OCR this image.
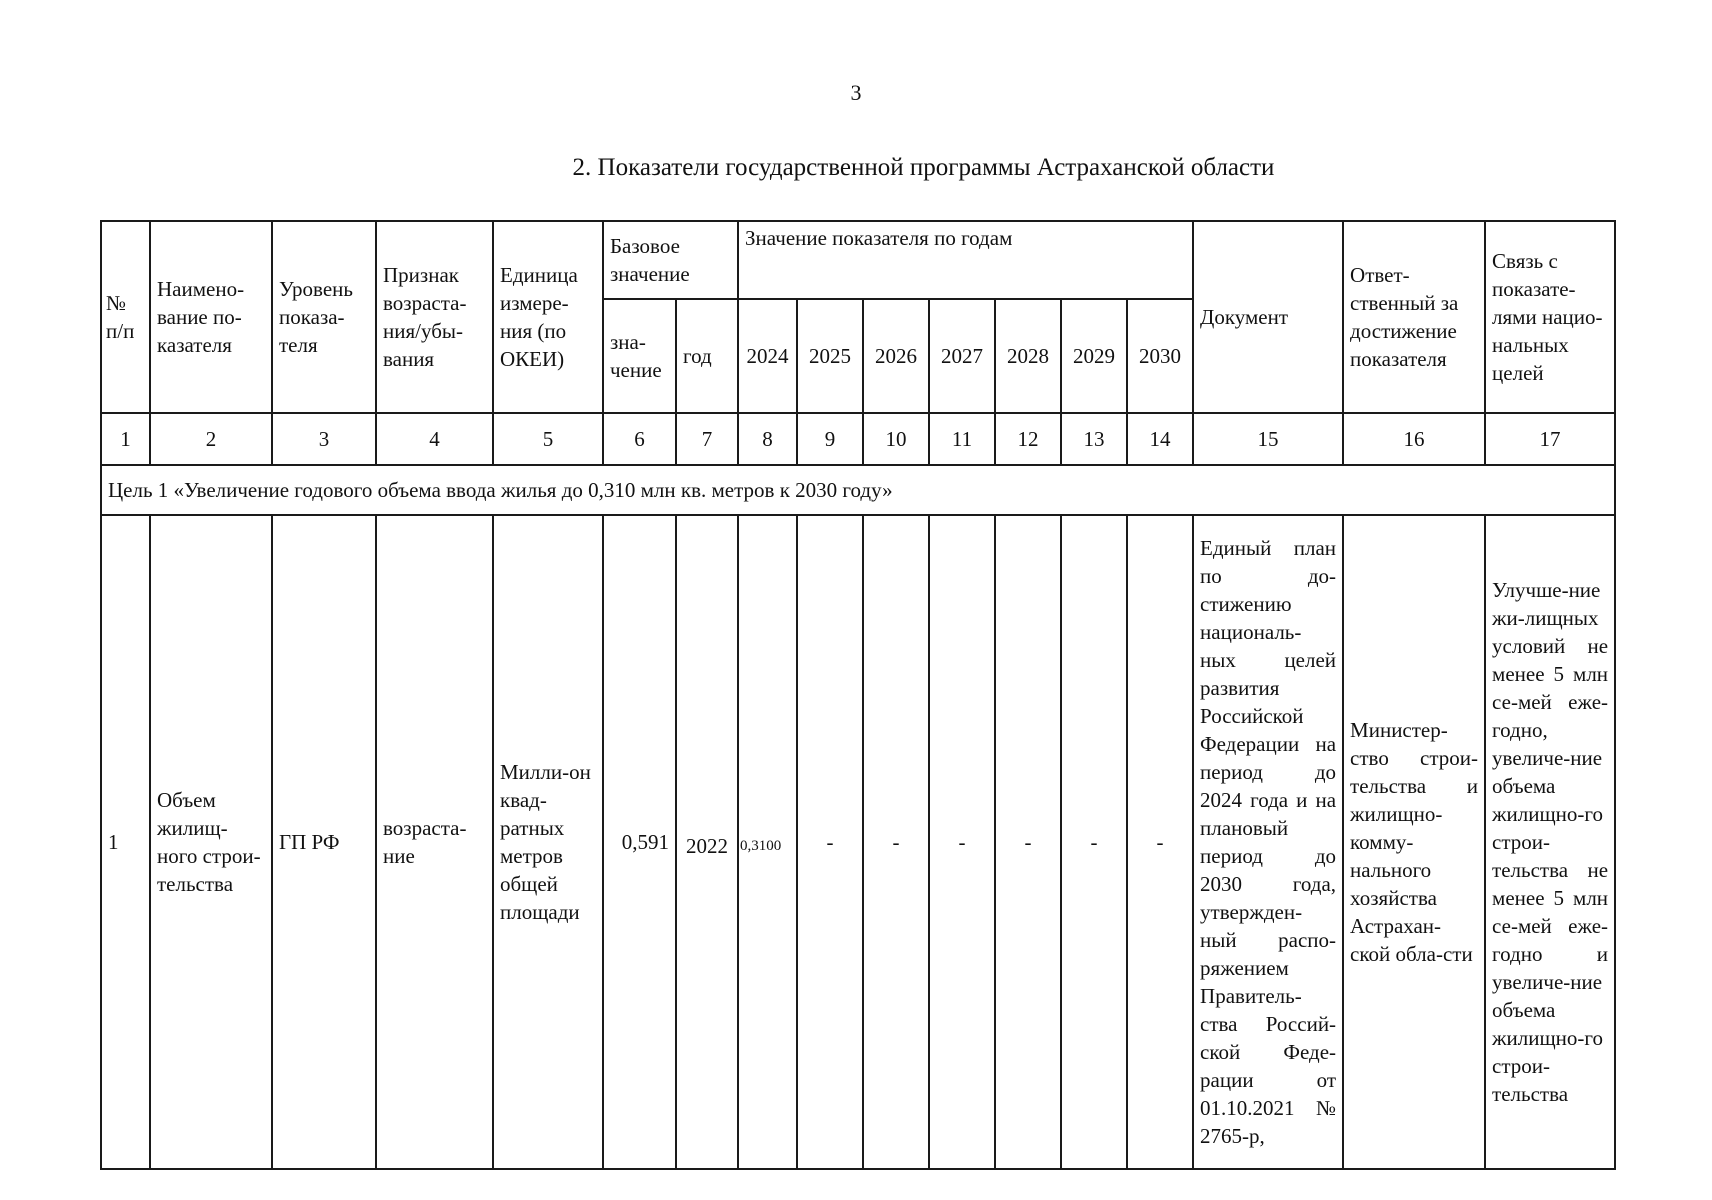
3
2. Показатели государственной программы Астраханской области
№ п/п	Наимено-вание по-казателя	Уровень показа-теля	Признак возраста-ния/убы-вания	Единица измере-ния (по ОКЕИ)	Базовое значение		Значение показателя по годам							Документ	Ответ-ственный за достижение показателя	Связь с показате-лями нацио-нальных целей
					зна-чение	год	2024	2025	2026	2027	2028	2029	2030			
1	2	3	4	5	6	7	8	9	10	11	12	13	14	15	16	17
Цель 1 «Увеличение годового объема ввода жилья до 0,310 млн кв. метров к 2030 году»																
1	Объем жилищ-ного строи-тельства	ГП РФ	возраста-ние	Милли-он квад-ратных метров общей площади	0,591	2022	0,3100	-	-	-	-	-	-	Единый план по до-стижению националь-ных целей развития Российской Федерации на период до 2024 года и на плановый период до 2030 года, утвержден-ный распо-ряжением Правитель-ства Россий-ской Феде-рации от 01.10.2021 № 2765-р,	Министер-ство строи-тельства и жилищно-комму-нального хозяйства Астрахан-ской обла-сти	Улучше-ние жи-лищных условий не менее 5 млн се-мей еже-годно, увеличе-ние объема жилищно-го строи-тельства не менее 5 млн се-мей еже-годно и увеличе-ние объема жилищно-го строи-тельства
